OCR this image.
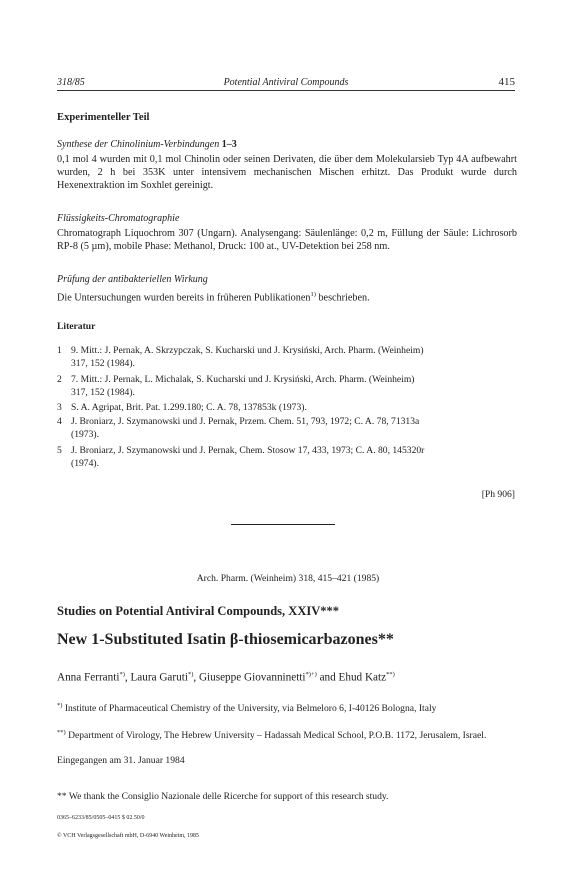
318/85	Potential Antiviral Compounds	415
Experimenteller Teil
Synthese der Chinolinium-Verbindungen 1–3
0,1 mol 4 wurden mit 0,1 mol Chinolin oder seinen Derivaten, die über dem Molekularsieb Typ 4A aufbewahrt wurden, 2 h bei 353K unter intensivem mechanischen Mischen erhitzt. Das Produkt wurde durch Hexenextraktion im Soxhlet gereinigt.
Flüssigkeits-Chromatographie
Chromatograph Liquochrom 307 (Ungarn). Analysengang: Säulenlänge: 0,2 m, Füllung der Säule: Lichrosorb RP-8 (5 µm), mobile Phase: Methanol, Druck: 100 at., UV-Detektion bei 258 nm.
Prüfung der antibakteriellen Wirkung
Die Untersuchungen wurden bereits in früheren Publikationen$^{1)}$ beschrieben.
Literatur
1 9. Mitt.: J. Pernak, A. Skrzypczak, S. Kucharski und J. Krysiński, Arch. Pharm. (Weinheim)
317, 152 (1984).
2 7. Mitt.: J. Pernak, L. Michalak, S. Kucharski und J. Krysiński, Arch. Pharm. (Weinheim)
317, 152 (1984).
3 S. A. Agripat, Brit. Pat. 1.299.180; C. A. 78, 137853k (1973).
4 J. Broniarz, J. Szymanowski und J. Pernak, Przem. Chem. 51, 793, 1972; C. A. 78, 71313a
(1973).
5 J. Broniarz, J. Szymanowski und J. Pernak, Chem. Stosow 17, 433, 1973; C. A. 80, 145320r
(1974).
[Ph 906]
Arch. Pharm. (Weinheim) 318, 415–421 (1985)
Studies on Potential Antiviral Compounds, XXIV***
New 1-Substituted Isatin β-thiosemicarbazones**
Anna Ferranti*), Laura Garuti*), Giuseppe Giovanninetti*)+) and Ehud Katz**)
*) Institute of Pharmaceutical Chemistry of the University, via Belmeloro 6, I-40126 Bologna, Italy
**) Department of Virology, The Hebrew University – Hadassah Medical School, P.O.B. 1172, Jerusalem, Israel.
Eingegangen am 31. Januar 1984
** We thank the Consiglio Nazionale delle Ricerche for support of this research study.
0365–6233/85/0505–0415 $ 02.50/0
© VCH Verlagsgesellschaft mbH, D-6940 Weinheim, 1985
